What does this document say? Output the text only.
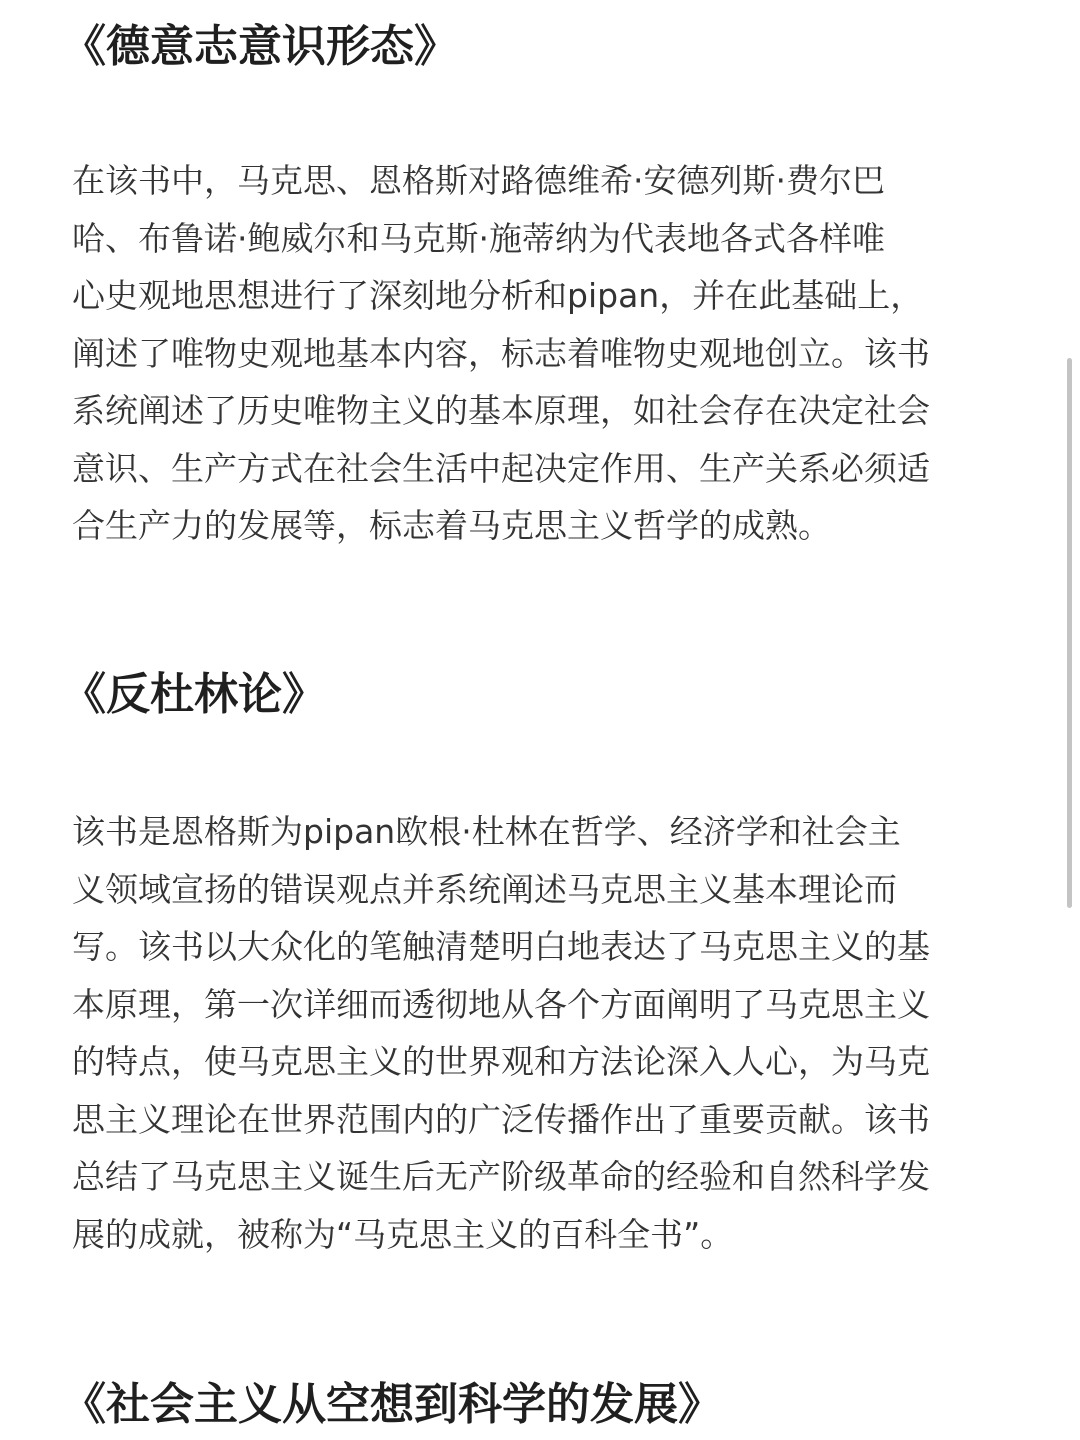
《德意志意识形态》
在该书中，马克思、恩格斯对路德维希·安德列斯·费尔巴
哈、布鲁诺·鲍威尔和马克斯·施蒂纳为代表地各式各样唯
心史观地思想进行了深刻地分析和pipan，并在此基础上，
阐述了唯物史观地基本内容，标志着唯物史观地创立。该书
系统阐述了历史唯物主义的基本原理，如社会存在决定社会
意识、生产方式在社会生活中起决定作用、生产关系必须适
合生产力的发展等，标志着马克思主义哲学的成熟。
《反杜林论》
该书是恩格斯为pipan欧根·杜林在哲学、经济学和社会主
义领域宣扬的错误观点并系统阐述马克思主义基本理论而
写。该书以大众化的笔触清楚明白地表达了马克思主义的基
本原理，第一次详细而透彻地从各个方面阐明了马克思主义
的特点，使马克思主义的世界观和方法论深入人心，为马克
思主义理论在世界范围内的广泛传播作出了重要贡献。该书
总结了马克思主义诞生后无产阶级革命的经验和自然科学发
展的成就，被称为“马克思主义的百科全书”。
《社会主义从空想到科学的发展》
